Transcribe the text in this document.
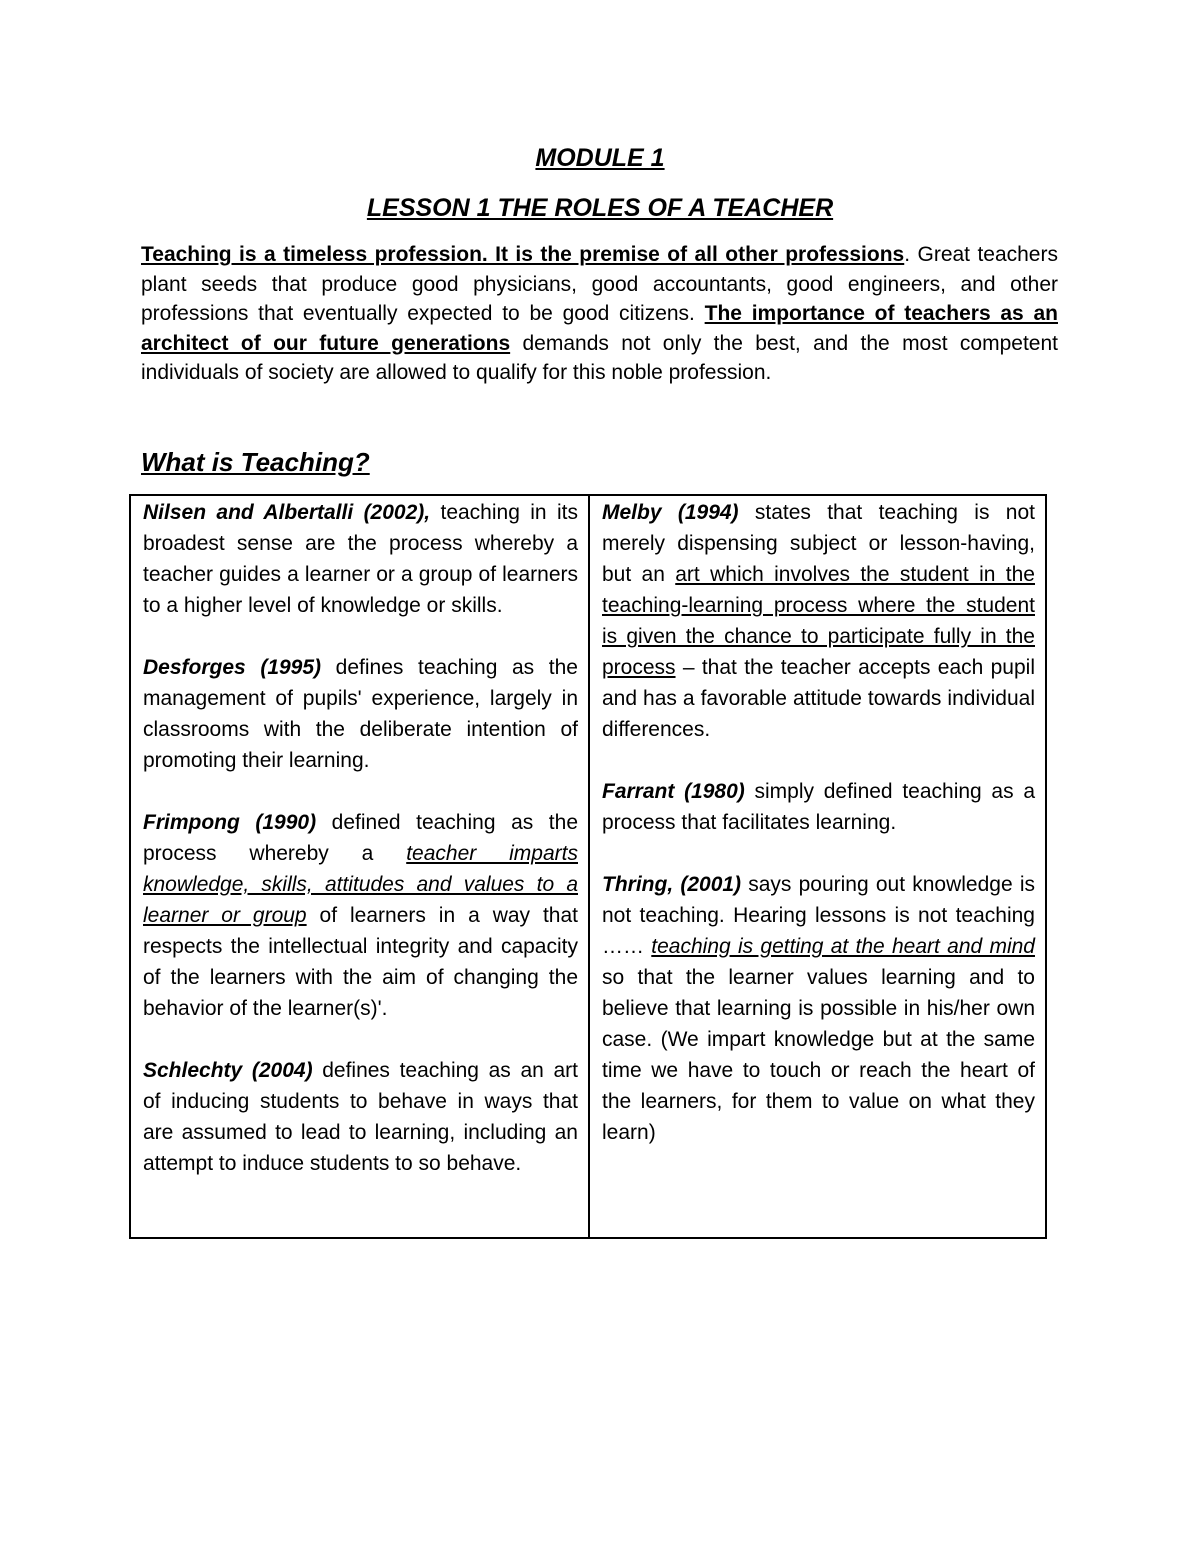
MODULE 1
LESSON 1 THE ROLES OF A TEACHER
Teaching is a timeless profession. It is the premise of all other professions. Great teachers plant seeds that produce good physicians, good accountants, good engineers, and other professions that eventually expected to be good citizens. The importance of teachers as an architect of our future generations demands not only the best, and the most competent individuals of society are allowed to qualify for this noble profession.
What is Teaching?

Nilsen and Albertalli (2002), teaching in its broadest sense are the process whereby a teacher guides a learner or a group of learners to a higher level of knowledge or skills.

Desforges (1995) defines teaching as the management of pupils' experience, largely in classrooms with the deliberate intention of promoting their learning.

Frimpong (1990) defined teaching as the process whereby a teacher imparts knowledge, skills, attitudes and values to a learner or group of learners in a way that respects the intellectual integrity and capacity of the learners with the aim of changing the behavior of the learner(s)'.

Schlechty (2004) defines teaching as an art of inducing students to behave in ways that are assumed to lead to learning, including an attempt to induce students to so behave.

Melby (1994) states that teaching is not merely dispensing subject or lesson-having, but an art which involves the student in the teaching-learning process where the student is given the chance to participate fully in the process – that the teacher accepts each pupil and has a favorable attitude towards individual differences.

Farrant (1980) simply defined teaching as a process that facilitates learning.

Thring, (2001) says pouring out knowledge is not teaching. Hearing lessons is not teaching …… teaching is getting at the heart and mind so that the learner values learning and to believe that learning is possible in his/her own case. (We impart knowledge but at the same time we have to touch or reach the heart of the learners, for them to value on what they learn)
